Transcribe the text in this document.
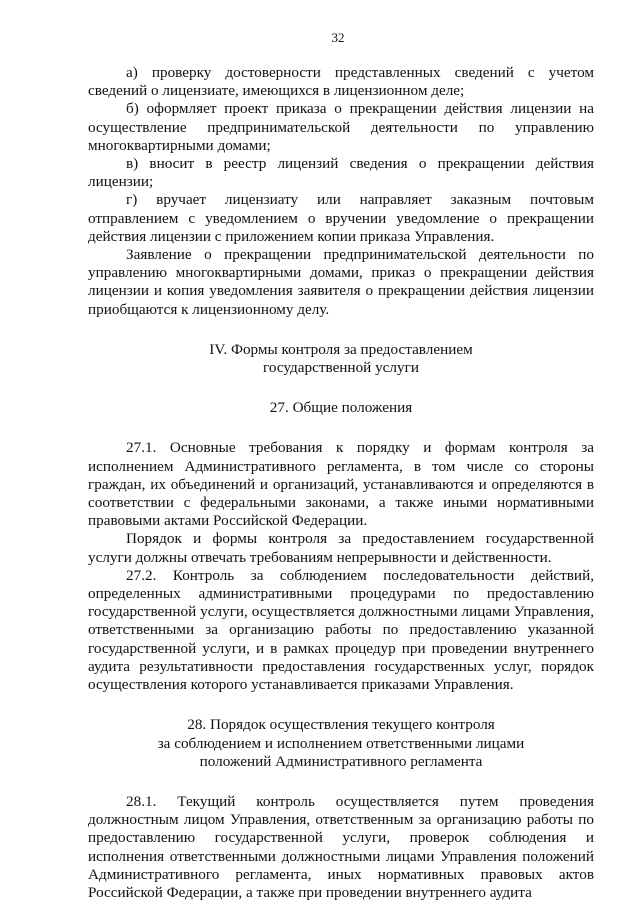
32

а) проверку достоверности представленных сведений с учетом сведений о лицензиате, имеющихся в лицензионном деле;

б) оформляет проект приказа о прекращении действия лицензии на осуществление предпринимательской деятельности по управлению многоквартирными домами;

в) вносит в реестр лицензий сведения о прекращении действия лицензии;

г) вручает лицензиату или направляет заказным почтовым отправлением с уведомлением о вручении уведомление о прекращении действия лицензии с приложением копии приказа Управления.

Заявление о прекращении предпринимательской деятельности по управлению многоквартирными домами, приказ о прекращении действия лицензии и копия уведомления заявителя о прекращении действия лицензии приобщаются к лицензионному делу.

IV. Формы контроля за предоставлением
государственной услуги

27. Общие положения

27.1. Основные требования к порядку и формам контроля за исполнением Административного регламента, в том числе со стороны граждан, их объединений и организаций, устанавливаются и определяются в соответствии с федеральными законами, а также иными нормативными правовыми актами Российской Федерации.

Порядок и формы контроля за предоставлением государственной услуги должны отвечать требованиям непрерывности и действенности.

27.2. Контроль за соблюдением последовательности действий, определенных административными процедурами по предоставлению государственной услуги, осуществляется должностными лицами Управления, ответственными за организацию работы по предоставлению указанной государственной услуги, и в рамках процедур при проведении внутреннего аудита результативности предоставления государственных услуг, порядок осуществления которого устанавливается приказами Управления.

28. Порядок осуществления текущего контроля
за соблюдением и исполнением ответственными лицами
положений Административного регламента

28.1. Текущий контроль осуществляется путем проведения должностным лицом Управления, ответственным за организацию работы по предоставлению государственной услуги, проверок соблюдения и исполнения ответственными должностными лицами Управления положений Административного регламента, иных нормативных правовых актов Российской Федерации, а также при проведении внутреннего аудита
